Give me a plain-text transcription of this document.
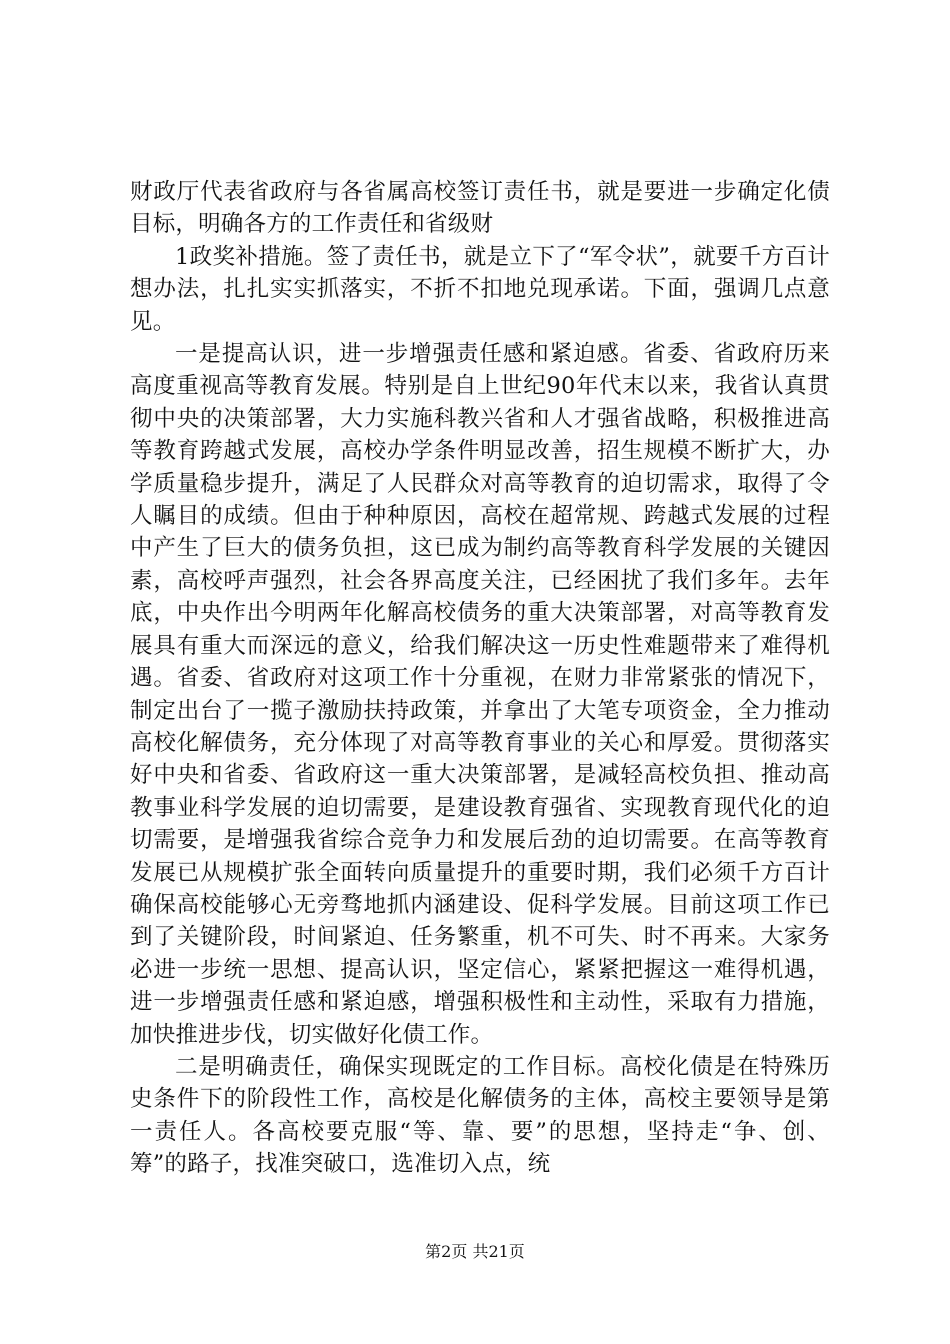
财政厅代表省政府与各省属高校签订责任书，就是要进一步确定化债目标，明确各方的工作责任和省级财

1政奖补措施。签了责任书，就是立下了“军令状”，就要千方百计想办法，扎扎实实抓落实，不折不扣地兑现承诺。下面，强调几点意见。

一是提高认识，进一步增强责任感和紧迫感。省委、省政府历来高度重视高等教育发展。特别是自上世纪90年代末以来，我省认真贯彻中央的决策部署，大力实施科教兴省和人才强省战略，积极推进高等教育跨越式发展，高校办学条件明显改善，招生规模不断扩大，办学质量稳步提升，满足了人民群众对高等教育的迫切需求，取得了令人瞩目的成绩。但由于种种原因，高校在超常规、跨越式发展的过程中产生了巨大的债务负担，这已成为制约高等教育科学发展的关键因素，高校呼声强烈，社会各界高度关注，已经困扰了我们多年。去年底，中央作出今明两年化解高校债务的重大决策部署，对高等教育发展具有重大而深远的意义，给我们解决这一历史性难题带来了难得机遇。省委、省政府对这项工作十分重视，在财力非常紧张的情况下，制定出台了一揽子激励扶持政策，并拿出了大笔专项资金，全力推动高校化解债务，充分体现了对高等教育事业的关心和厚爱。贯彻落实好中央和省委、省政府这一重大决策部署，是减轻高校负担、推动高教事业科学发展的迫切需要，是建设教育强省、实现教育现代化的迫切需要，是增强我省综合竞争力和发展后劲的迫切需要。在高等教育发展已从规模扩张全面转向质量提升的重要时期，我们必须千方百计确保高校能够心无旁骛地抓内涵建设、促科学发展。目前这项工作已到了关键阶段，时间紧迫、任务繁重，机不可失、时不再来。大家务必进一步统一思想、提高认识，坚定信心，紧紧把握这一难得机遇，进一步增强责任感和紧迫感，增强积极性和主动性，采取有力措施，加快推进步伐，切实做好化债工作。

二是明确责任，确保实现既定的工作目标。高校化债是在特殊历史条件下的阶段性工作，高校是化解债务的主体，高校主要领导是第一责任人。各高校要克服“等、靠、要”的思想，坚持走“争、创、筹”的路子，找准突破口，选准切入点，统

第2页 共21页
